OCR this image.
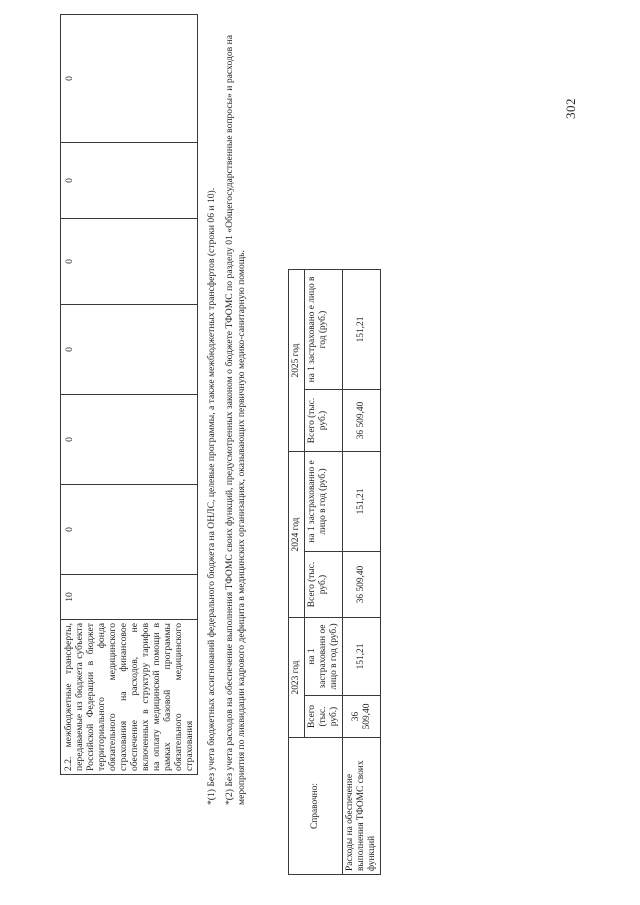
2.2. межбюджетные трансферты, передаваемые из бюджета субъекта Российской Федерации в бюджет территориального фонда обязательного медицинского страхования на финансовое обеспечение расходов, не включенных в структуру тарифов на оплату медицинской помощи в рамках базовой программы обязательного медицинского страхования	10	0	0	0	0	0	0
*(1) Без учета бюджетных ассигнований федерального бюджета на ОНЛС, целевые программы, а также межбюджетных трансфертов (строки 06 и 10). *(2) Без учета расходов на обеспечение выполнения ТФОМС своих функций, предусмотренных законом о бюджете ТФОМС по разделу 01 «Общегосударственные вопросы» и расходов на мероприятия по ликвидации кадрового дефицита в медицинских организациях, оказывающих первичную медико-санитарную помощь.
Справочно:	2023 год		2024 год		2025 год	
	Всего (тыс. руб.)	на 1 застрахованн ое лицо в год (руб.)	Всего (тыс. руб.)	на 1 застрахованно е лицо в год (руб.)	Всего (тыс. руб.)	на 1 застраховано е лицо в год (руб.)
Расходы на обеспечение выполнения ТФОМС своих функций	36 509,40	151,21	36 509,40	151,21	36 509,40	151,21
302
